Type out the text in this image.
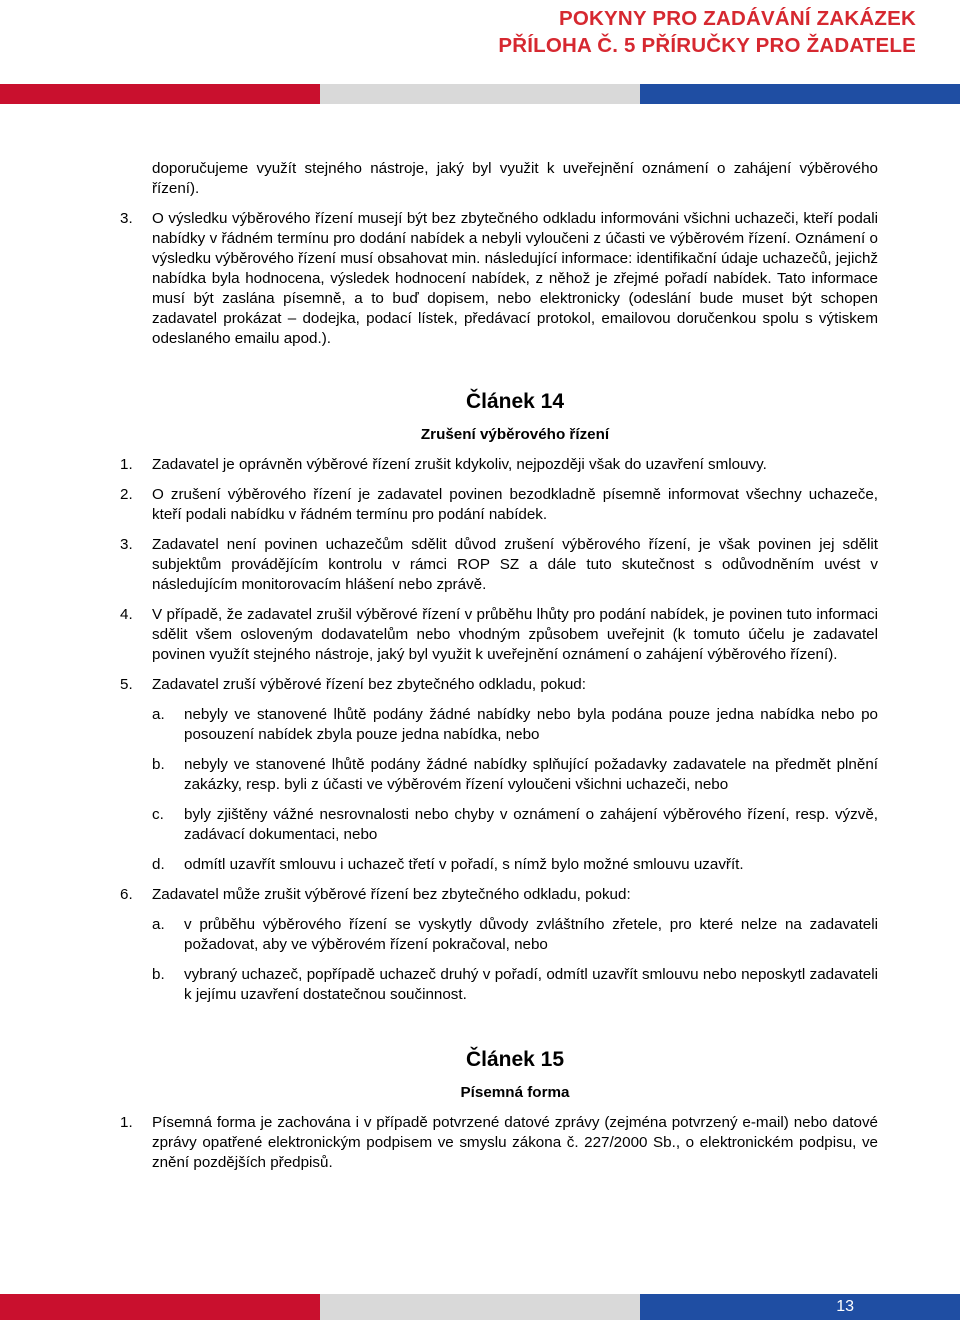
POKYNY PRO ZADÁVÁNÍ ZAKÁZEK
PŘÍLOHA Č. 5 PŘÍRUČKY PRO ŽADATELE

doporučujeme využít stejného nástroje, jaký byl využit k uveřejnění oznámení o zahájení výběrového řízení).

3.	O výsledku výběrového řízení musejí být bez zbytečného odkladu informováni všichni uchazeči, kteří podali nabídky v řádném termínu pro dodání nabídek a nebyli vyloučeni z účasti ve výběrovém řízení. Oznámení o výsledku výběrového řízení musí obsahovat min. následující informace: identifikační údaje uchazečů, jejichž nabídka byla hodnocena, výsledek hodnocení nabídek, z něhož je zřejmé pořadí nabídek. Tato informace musí být zaslána písemně, a to buď dopisem, nebo elektronicky (odeslání bude muset být schopen zadavatel prokázat – dodejka, podací lístek, předávací protokol, emailovou doručenkou spolu s výtiskem odeslaného emailu apod.).
Článek 14
Zrušení výběrového řízení
1.	Zadavatel je oprávněn výběrové řízení zrušit kdykoliv, nejpozději však do uzavření smlouvy.
2.	O zrušení výběrového řízení je zadavatel povinen bezodkladně písemně informovat všechny uchazeče, kteří podali nabídku v řádném termínu pro podání nabídek.
3.	Zadavatel není povinen uchazečům sdělit důvod zrušení výběrového řízení, je však povinen jej sdělit subjektům provádějícím kontrolu v rámci ROP SZ a dále tuto skutečnost s odůvodněním uvést v následujícím monitorovacím hlášení nebo zprávě.
4.	V případě, že zadavatel zrušil výběrové řízení v průběhu lhůty pro podání nabídek, je povinen tuto informaci sdělit všem osloveným dodavatelům nebo vhodným způsobem uveřejnit (k tomuto účelu je zadavatel povinen využít stejného nástroje, jaký byl využit k uveřejnění oznámení o zahájení výběrového řízení).
5.	Zadavatel zruší výběrové řízení bez zbytečného odkladu, pokud:
a.	nebyly ve stanovené lhůtě podány žádné nabídky nebo byla podána pouze jedna nabídka nebo po posouzení nabídek zbyla pouze jedna nabídka, nebo
b.	nebyly ve stanovené lhůtě podány žádné nabídky splňující požadavky zadavatele na předmět plnění zakázky, resp. byli z účasti ve výběrovém řízení vyloučeni všichni uchazeči, nebo
c.	byly zjištěny vážné nesrovnalosti nebo chyby v oznámení o zahájení výběrového řízení, resp. výzvě, zadávací dokumentaci, nebo
d.	odmítl uzavřít smlouvu i uchazeč třetí v pořadí, s nímž bylo možné smlouvu uzavřít.
6.	Zadavatel může zrušit výběrové řízení bez zbytečného odkladu, pokud:
a.	v průběhu výběrového řízení se vyskytly důvody zvláštního zřetele, pro které nelze na zadavateli požadovat, aby ve výběrovém řízení pokračoval, nebo
b.	vybraný uchazeč, popřípadě uchazeč druhý v pořadí, odmítl uzavřít smlouvu nebo neposkytl zadavateli k jejímu uzavření dostatečnou součinnost.
Článek 15
Písemná forma
1.	Písemná forma je zachována i v případě potvrzené datové zprávy (zejména potvrzený e-mail) nebo datové zprávy opatřené elektronickým podpisem ve smyslu zákona č. 227/2000 Sb., o elektronickém podpisu, ve znění pozdějších předpisů.
13
